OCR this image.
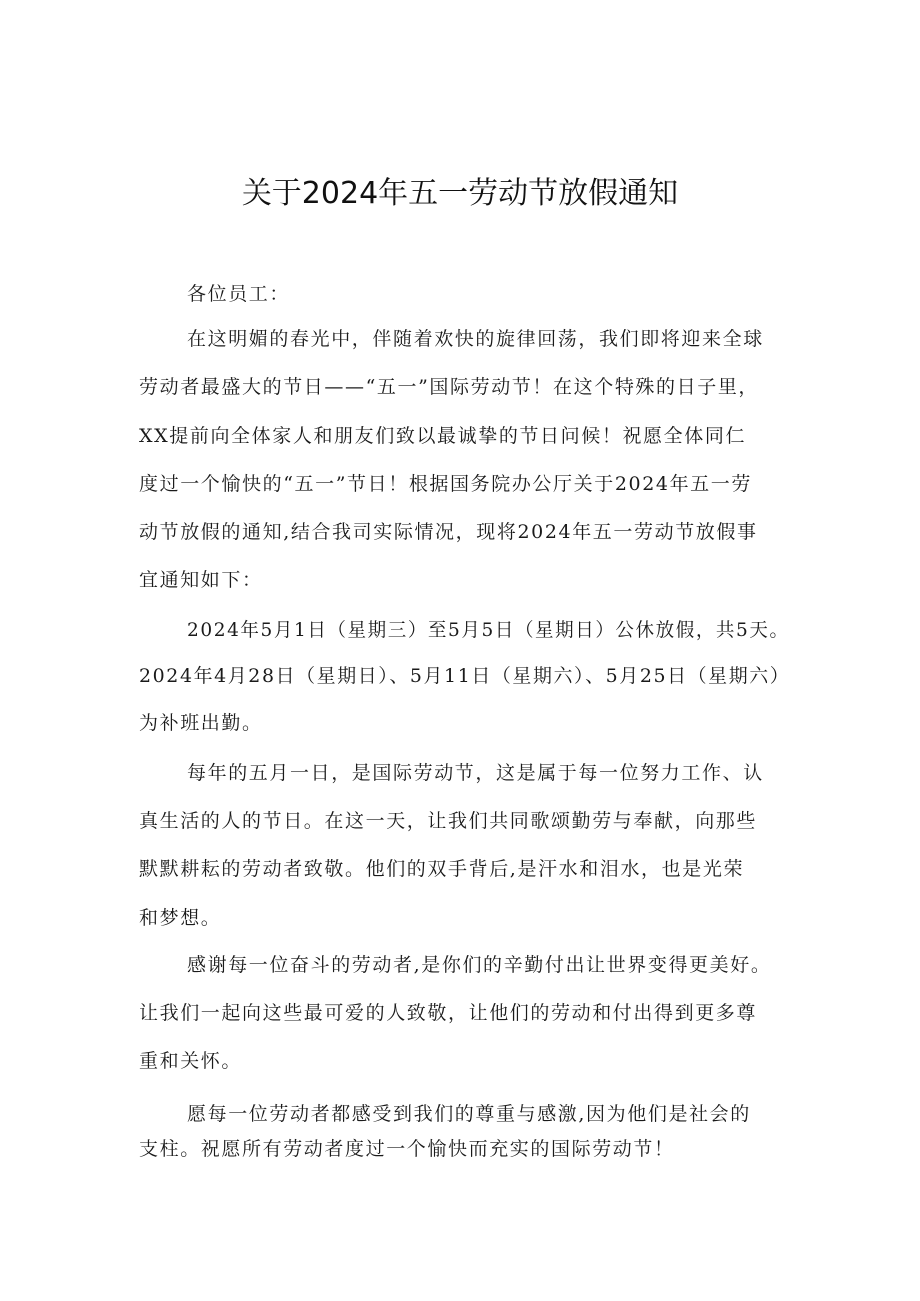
关于2024年五一劳动节放假通知
各位员工：
在这明媚的春光中，伴随着欢快的旋律回荡，我们即将迎来全球
劳动者最盛大的节日——“五一”国际劳动节！在这个特殊的日子里，
XX提前向全体家人和朋友们致以最诚挚的节日问候！祝愿全体同仁
度过一个愉快的“五一”节日！根据国务院办公厅关于2024年五一劳
动节放假的通知,结合我司实际情况，现将2024年五一劳动节放假事
宜通知如下：
2024年5月1日（星期三）至5月5日（星期日）公休放假，共5天。
2024年4月28日（星期日）、5月11日（星期六）、5月25日（星期六）
为补班出勤。
每年的五月一日，是国际劳动节，这是属于每一位努力工作、认
真生活的人的节日。在这一天，让我们共同歌颂勤劳与奉献，向那些
默默耕耘的劳动者致敬。他们的双手背后,是汗水和泪水，也是光荣
和梦想。
感谢每一位奋斗的劳动者,是你们的辛勤付出让世界变得更美好。
让我们一起向这些最可爱的人致敬，让他们的劳动和付出得到更多尊
重和关怀。
愿每一位劳动者都感受到我们的尊重与感激,因为他们是社会的
支柱。祝愿所有劳动者度过一个愉快而充实的国际劳动节！
